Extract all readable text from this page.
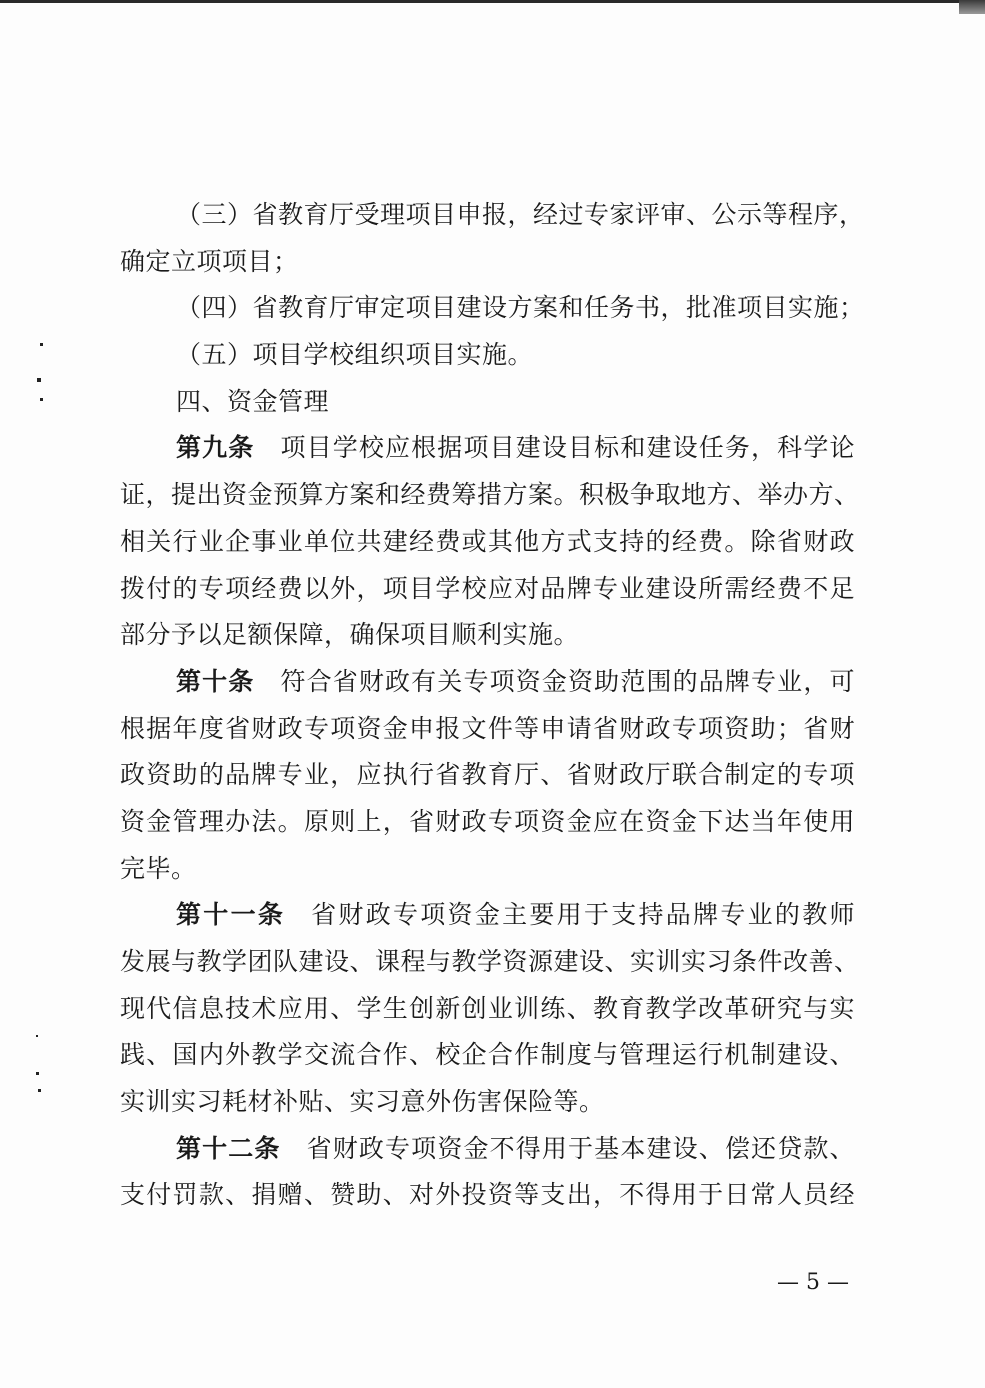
（三）省教育厅受理项目申报，经过专家评审、公示等程序，
确定立项项目；
（四）省教育厅审定项目建设方案和任务书，批准项目实施；
（五）项目学校组织项目实施。
四、资金管理
第九条 项目学校应根据项目建设目标和建设任务，科学论
证，提出资金预算方案和经费筹措方案。积极争取地方、举办方、
相关行业企事业单位共建经费或其他方式支持的经费。除省财政
拨付的专项经费以外，项目学校应对品牌专业建设所需经费不足
部分予以足额保障，确保项目顺利实施。
第十条 符合省财政有关专项资金资助范围的品牌专业，可
根据年度省财政专项资金申报文件等申请省财政专项资助；省财
政资助的品牌专业，应执行省教育厅、省财政厅联合制定的专项
资金管理办法。原则上，省财政专项资金应在资金下达当年使用
完毕。
第十一条 省财政专项资金主要用于支持品牌专业的教师
发展与教学团队建设、课程与教学资源建设、实训实习条件改善、
现代信息技术应用、学生创新创业训练、教育教学改革研究与实
践、国内外教学交流合作、校企合作制度与管理运行机制建设、
实训实习耗材补贴、实习意外伤害保险等。
第十二条 省财政专项资金不得用于基本建设、偿还贷款、
支付罚款、捐赠、赞助、对外投资等支出，不得用于日常人员经
— 5 —
